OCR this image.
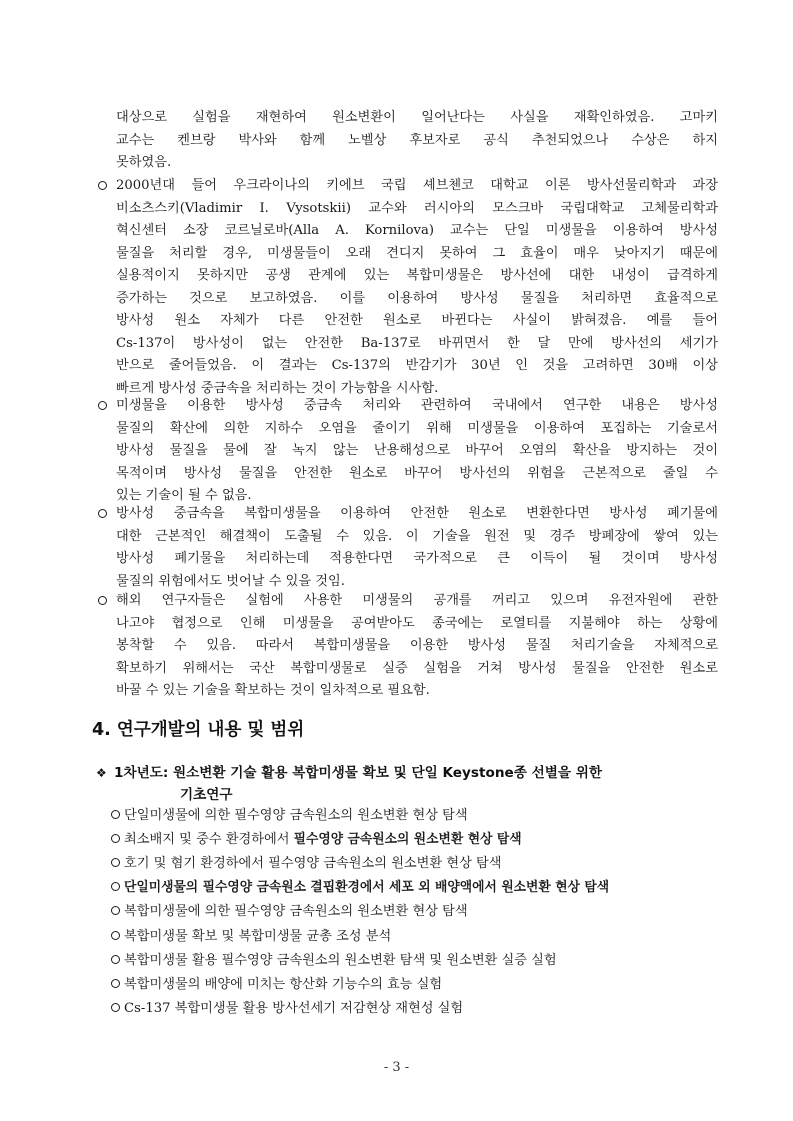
대상으로 실험을 재현하여 원소변환이 일어난다는 사실을 재확인하였음. 고마키
교수는 켄브랑 박사와 함께 노벨상 후보자로 공식 추천되었으나 수상은 하지
못하였음.
2000년대 들어 우크라이나의 키에브 국립 셰브첸코 대학교 이론 방사선물리학과 과장
비소츠스키(Vladimir I. Vysotskii) 교수와 러시아의 모스크바 국립대학교 고체물리학과
혁신센터 소장 코르닐로바(Alla A. Kornilova) 교수는 단일 미생물을 이용하여 방사성
물질을 처리할 경우, 미생물들이 오래 견디지 못하여 그 효율이 매우 낮아지기 때문에
실용적이지 못하지만 공생 관계에 있는 복합미생물은 방사선에 대한 내성이 급격하게
증가하는 것으로 보고하였음. 이를 이용하여 방사성 물질을 처리하면 효율적으로
방사성 원소 자체가 다른 안전한 원소로 바뀐다는 사실이 밝혀졌음. 예를 들어
Cs-137이 방사성이 없는 안전한 Ba-137로 바뀌면서 한 달 만에 방사선의 세기가
반으로 줄어들었음. 이 결과는 Cs-137의 반감기가 30년 인 것을 고려하면 30배 이상
빠르게 방사성 중금속을 처리하는 것이 가능함을 시사함.
미생물을 이용한 방사성 중금속 처리와 관련하여 국내에서 연구한 내용은 방사성
물질의 확산에 의한 지하수 오염을 줄이기 위해 미생물을 이용하여 포집하는 기술로서
방사성 물질을 물에 잘 녹지 않는 난용해성으로 바꾸어 오염의 확산을 방지하는 것이
목적이며 방사성 물질을 안전한 원소로 바꾸어 방사선의 위험을 근본적으로 줄일 수
있는 기술이 될 수 없음.
방사성 중금속을 복합미생물을 이용하여 안전한 원소로 변환한다면 방사성 폐기물에
대한 근본적인 해결책이 도출될 수 있음. 이 기술을 원전 및 경주 방폐장에 쌓여 있는
방사성 폐기물을 처리하는데 적용한다면 국가적으로 큰 이득이 될 것이며 방사성
물질의 위험에서도 벗어날 수 있을 것임.
해외 연구자들은 실험에 사용한 미생물의 공개를 꺼리고 있으며 유전자원에 관한
나고야 협정으로 인해 미생물을 공여받아도 종국에는 로열티를 지불해야 하는 상황에
봉착할 수 있음. 따라서 복합미생물을 이용한 방사성 물질 처리기술을 자체적으로
확보하기 위해서는 국산 복합미생물로 실증 실험을 거쳐 방사성 물질을 안전한 원소로
바꿀 수 있는 기술을 확보하는 것이 일차적으로 필요함.
4. 연구개발의 내용 및 범위
❖ 1차년도: 원소변환 기술 활용 복합미생물 확보 및 단일 Keystone종 선별을 위한
기초연구
단일미생물에 의한 필수영양 금속원소의 원소변환 현상 탐색
최소배지 및 중수 환경하에서 필수영양 금속원소의 원소변환 현상 탐색
호기 및 혐기 환경하에서 필수영양 금속원소의 원소변환 현상 탐색
단일미생물의 필수영양 금속원소 결핍환경에서 세포 외 배양액에서 원소변환 현상 탐색
복합미생물에 의한 필수영양 금속원소의 원소변환 현상 탐색
복합미생물 확보 및 복합미생물 균총 조성 분석
복합미생물 활용 필수영양 금속원소의 원소변환 탐색 및 원소변환 실증 실험
복합미생물의 배양에 미치는 항산화 기능수의 효능 실험
Cs-137 복합미생물 활용 방사선세기 저감현상 재현성 실험
- 3 -
